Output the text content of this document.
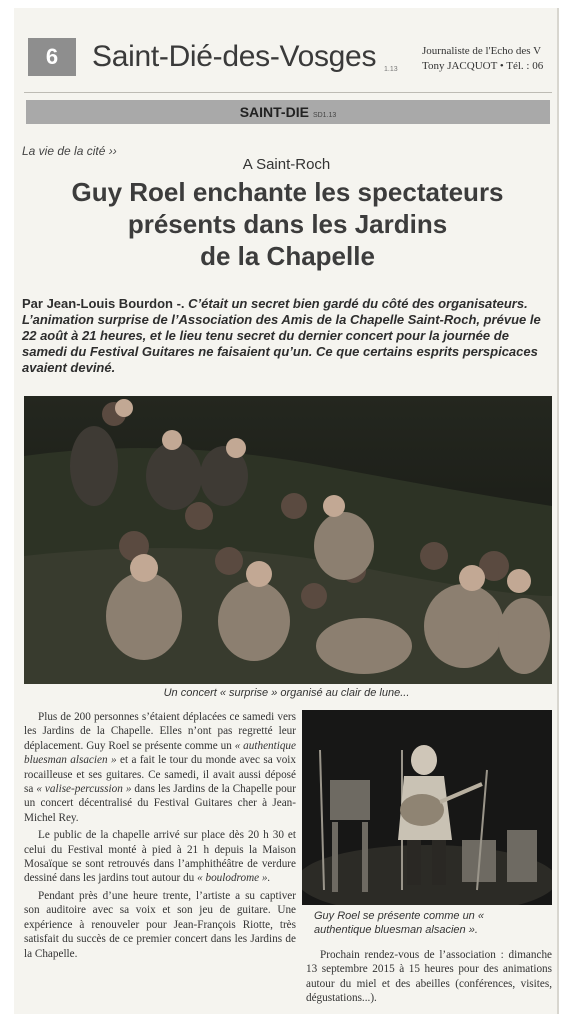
6	Saint-Dié-des-Vosges 1.13
Journaliste de l'Echo des V
Tony JACQUOT • Tél. : 06
SAINT-DIE SD1.13
La vie de la cité ››
A Saint-Roch
Guy Roel enchante les spectateurs
présents dans les Jardins
de la Chapelle

Par Jean-Louis Bourdon -. C’était un secret bien gardé du côté des organisateurs. L’animation surprise de l’Association des Amis de la Chapelle Saint-Roch, prévue le 22 août à 21 heures, et le lieu tenu secret du dernier concert pour la journée de samedi du Festival Guitares ne faisaient qu’un. Ce que certains esprits perspicaces avaient deviné.

Un concert « surprise » organisé au clair de lune...

Plus de 200 personnes s’étaient déplacées ce samedi vers les Jardins de la Chapelle. Elles n’ont pas regretté leur déplacement. Guy Roel se présente comme un « authentique bluesman alsacien » et a fait le tour du monde avec sa voix rocailleuse et ses guitares. Ce samedi, il avait aussi déposé sa « valise-percussion » dans les Jardins de la Chapelle pour un concert décentralisé du Festival Guitares cher à Jean-Michel Rey.

Le public de la chapelle arrivé sur place dès 20 h 30 et celui du Festival monté à pied à 21 h depuis la Maison Mosaïque se sont retrouvés dans l’amphithéâtre de verdure dessiné dans les jardins tout autour du « boulodrome ».

Pendant près d’une heure trente, l’artiste a su captiver son auditoire avec sa voix et son jeu de guitare. Une expérience à renouveler pour Jean-François Riotte, très satisfait du succès de ce premier concert dans les Jardins de la Chapelle.

Guy Roel se présente comme un « authentique bluesman alsacien ».

Prochain rendez-vous de l’association : dimanche 13 septembre 2015 à 15 heures pour des animations autour du miel et des abeilles (conférences, visites, dégustations...).
